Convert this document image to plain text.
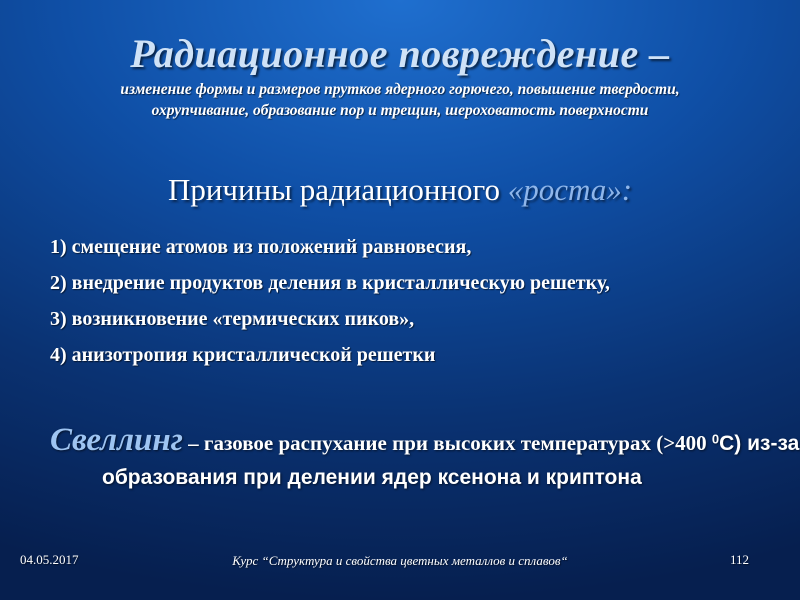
Радиационное повреждение –
изменение формы и размеров прутков ядерного горючего, повышение твердости, охрупчивание, образование пор и трещин, шероховатость поверхности
Причины радиационного «роста»:
1) смещение атомов из положений равновесия,
2) внедрение продуктов деления в кристаллическую решетку,
3) возникновение «термических пиков»,
4) анизотропия кристаллической решетки
Свеллинг – газовое распухание при высоких температурах (>400 $^0$С) из-за образования при делении ядер ксенона и криптона
04.05.2017	Курс “Структура и свойства цветных металлов и сплавов“	112
